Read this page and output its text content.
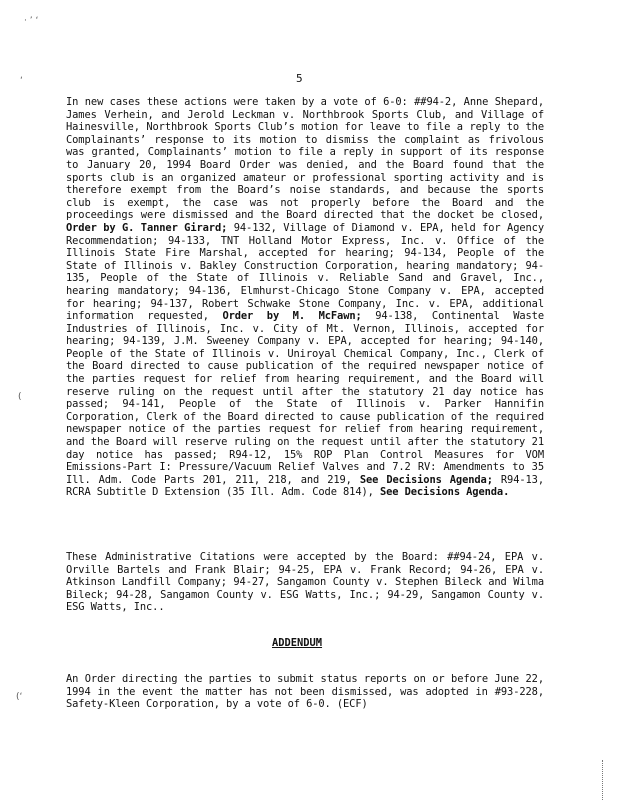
· ’ ‘
‘
(
(‘
5
In new cases these actions were taken by a vote of 6-0: ##94-2, Anne Shepard, James Verhein, and Jerold Leckman v. Northbrook Sports Club, and Village of Hainesville, Northbrook Sports Club’s motion for leave to file a reply to the Complainants’ response to its motion to dismiss the complaint as frivolous was granted, Complainants’ motion to file a reply in support of its response to January 20, 1994 Board Order was denied, and the Board found that the sports club is an organized amateur or professional sporting activity and is therefore exempt from the Board’s noise standards, and because the sports club is exempt, the case was not properly before the Board and the proceedings were dismissed and the Board directed that the docket be closed, Order by G. Tanner Girard; 94-132, Village of Diamond v. EPA, held for Agency Recommendation; 94-133, TNT Holland Motor Express, Inc. v. Office of the Illinois State Fire Marshal, accepted for hearing; 94-134, People of the State of Illinois v. Bakley Construction Corporation, hearing mandatory; 94-135, People of the State of Illinois v. Reliable Sand and Gravel, Inc., hearing mandatory; 94-136, Elmhurst-Chicago Stone Company v. EPA, accepted for hearing; 94-137, Robert Schwake Stone Company, Inc. v. EPA, additional information requested, Order by M. McFawn; 94-138, Continental Waste Industries of Illinois, Inc. v. City of Mt. Vernon, Illinois, accepted for hearing; 94-139, J.M. Sweeney Company v. EPA, accepted for hearing; 94-140, People of the State of Illinois v. Uniroyal Chemical Company, Inc., Clerk of the Board directed to cause publication of the required newspaper notice of the parties request for relief from hearing requirement, and the Board will reserve ruling on the request until after the statutory 21 day notice has passed; 94-141, People of the State of Illinois v. Parker Hannifin Corporation, Clerk of the Board directed to cause publication of the required newspaper notice of the parties request for relief from hearing requirement, and the Board will reserve ruling on the request until after the statutory 21 day notice has passed; R94-12, 15% ROP Plan Control Measures for VOM Emissions-Part I: Pressure/Vacuum Relief Valves and 7.2 RV: Amendments to 35 Ill. Adm. Code Parts 201, 211, 218, and 219, See Decisions Agenda; R94-13, RCRA Subtitle D Extension (35 Ill. Adm. Code 814), See Decisions Agenda.
These Administrative Citations were accepted by the Board: ##94-24, EPA v. Orville Bartels and Frank Blair; 94-25, EPA v. Frank Record; 94-26, EPA v. Atkinson Landfill Company; 94-27, Sangamon County v. Stephen Bileck and Wilma Bileck; 94-28, Sangamon County v. ESG Watts, Inc.; 94-29, Sangamon County v. ESG Watts, Inc..
ADDENDUM
An Order directing the parties to submit status reports on or before June 22, 1994 in the event the matter has not been dismissed, was adopted in #93-228, Safety-Kleen Corporation, by a vote of 6-0. (ECF)
